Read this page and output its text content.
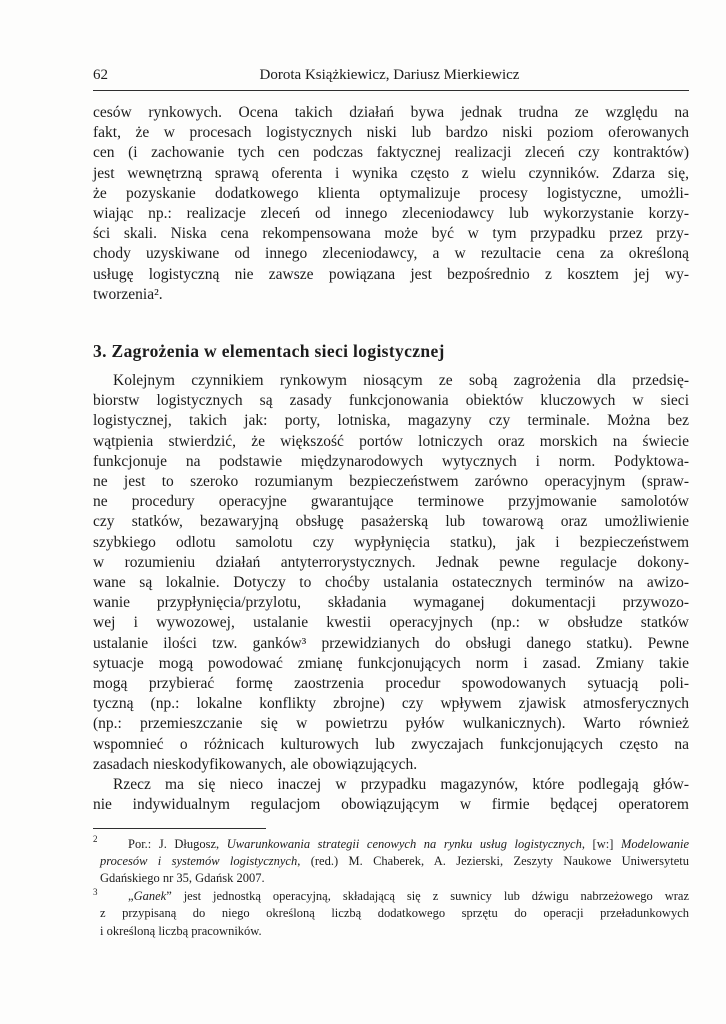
62	Dorota Książkiewicz, Dariusz Mierkiewicz
cesów rynkowych. Ocena takich działań bywa jednak trudna ze względu na
fakt, że w procesach logistycznych niski lub bardzo niski poziom oferowanych
cen (i zachowanie tych cen podczas faktycznej realizacji zleceń czy kontraktów)
jest wewnętrzną sprawą oferenta i wynika często z wielu czynników. Zdarza się,
że pozyskanie dodatkowego klienta optymalizuje procesy logistyczne, umożli-
wiając np.: realizacje zleceń od innego zleceniodawcy lub wykorzystanie korzy-
ści skali. Niska cena rekompensowana może być w tym przypadku przez przy-
chody uzyskiwane od innego zleceniodawcy, a w rezultacie cena za określoną
usługę logistyczną nie zawsze powiązana jest bezpośrednio z kosztem jej wy-
tworzenia².
3. Zagrożenia w elementach sieci logistycznej
Kolejnym czynnikiem rynkowym niosącym ze sobą zagrożenia dla przedsię-
biorstw logistycznych są zasady funkcjonowania obiektów kluczowych w sieci
logistycznej, takich jak: porty, lotniska, magazyny czy terminale. Można bez
wątpienia stwierdzić, że większość portów lotniczych oraz morskich na świecie
funkcjonuje na podstawie międzynarodowych wytycznych i norm. Podyktowa-
ne jest to szeroko rozumianym bezpieczeństwem zarówno operacyjnym (spraw-
ne procedury operacyjne gwarantujące terminowe przyjmowanie samolotów
czy statków, bezawaryjną obsługę pasażerską lub towarową oraz umożliwienie
szybkiego odlotu samolotu czy wypłynięcia statku), jak i bezpieczeństwem
w rozumieniu działań antyterrorystycznych. Jednak pewne regulacje dokony-
wane są lokalnie. Dotyczy to choćby ustalania ostatecznych terminów na awizo-
wanie przypłynięcia/przylotu, składania wymaganej dokumentacji przywozo-
wej i wywozowej, ustalanie kwestii operacyjnych (np.: w obsłudze statków
ustalanie ilości tzw. ganków³ przewidzianych do obsługi danego statku). Pewne
sytuacje mogą powodować zmianę funkcjonujących norm i zasad. Zmiany takie
mogą przybierać formę zaostrzenia procedur spowodowanych sytuacją poli-
tyczną (np.: lokalne konflikty zbrojne) czy wpływem zjawisk atmosferycznych
(np.: przemieszczanie się w powietrzu pyłów wulkanicznych). Warto również
wspomnieć o różnicach kulturowych lub zwyczajach funkcjonujących często na
zasadach nieskodyfikowanych, ale obowiązujących.
Rzecz ma się nieco inaczej w przypadku magazynów, które podlegają głów-
nie indywidualnym regulacjom obowiązującym w firmie będącej operatorem
$^2$ Por.: J. Długosz, Uwarunkowania strategii cenowych na rynku usług logistycznych, [w:] Modelowanie
procesów i systemów logistycznych, (red.) M. Chaberek, A. Jezierski, Zeszyty Naukowe Uniwersytetu
Gdańskiego nr 35, Gdańsk 2007.
$^3$ „Ganek” jest jednostką operacyjną, składającą się z suwnicy lub dźwigu nabrzeżowego wraz
z przypisaną do niego określoną liczbą dodatkowego sprzętu do operacji przeładunkowych
i określoną liczbą pracowników.
